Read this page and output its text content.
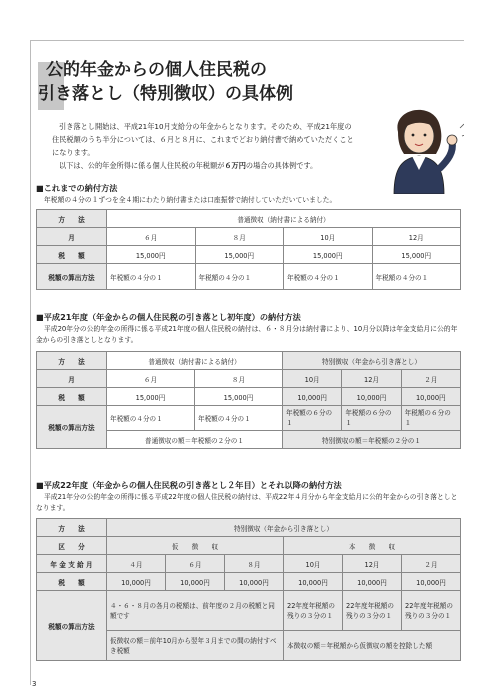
公的年金からの個人住民税の
引き落とし（特別徴収）の具体例

引き落とし開始は、平成21年10月支給分の年金からとなります。そのため、平成21年度の住民税額のうち半分については、６月と８月に、これまでどおり納付書で納めていただくことになります。

以下は、公的年金所得に係る個人住民税の年税額が６万円の場合の具体例です。

■これまでの納付方法
年税額の４分の１ずつを全４期にわたり納付書または口座振替で納付していただいていました。
方　　法	普通徴収（納付書による納付）			
月	６月	８月	10月	12月
税　　額	15,000円	15,000円	15,000円	15,000円
税額の算出方法	年税額の４分の１	年税額の４分の１	年税額の４分の１	年税額の４分の１
■平成21年度（年金からの個人住民税の引き落とし初年度）の納付方法
平成20年分の公的年金の所得に係る平成21年度の個人住民税の納付は、６・８月分は納付書により、10月分以降は年金支給月に公的年金からの引き落としとなります。
方　　法	普通徴収（納付書による納付）		特別徴収（年金から引き落とし）		
月	６月	８月	10月	12月	２月
税　　額	15,000円	15,000円	10,000円	10,000円	10,000円
税額の算出方法	年税額の４分の１	年税額の４分の１	年税額の６分の１	年税額の６分の１	年税額の６分の１
	普通徴収の額＝年税額の２分の１		特別徴収の額＝年税額の２分の１		
■平成22年度（年金からの個人住民税の引き落とし２年目）とそれ以降の納付方法
平成21年分の公的年金の所得に係る平成22年度の個人住民税の納付は、平成22年４月分から年金支給月に公的年金からの引き落としとなります。
方　　法	特別徴収（年金から引き落とし）					
区　　分	仮　　徴　　収			本　　徴　　収		
年 金 支 給 月	４月	６月	８月	10月	12月	２月
税　　額	10,000円	10,000円	10,000円	10,000円	10,000円	10,000円
税額の算出方法	４・６・８月の各月の税額は、前年度の２月の税額と同額です			22年度年税額の残りの３分の１	22年度年税額の残りの３分の１	22年度年税額の残りの３分の１
	仮徴収の額＝前年10月から翌年３月までの間の納付すべき税額			本徴収の額＝年税額から仮徴収の額を控除した額		
3
